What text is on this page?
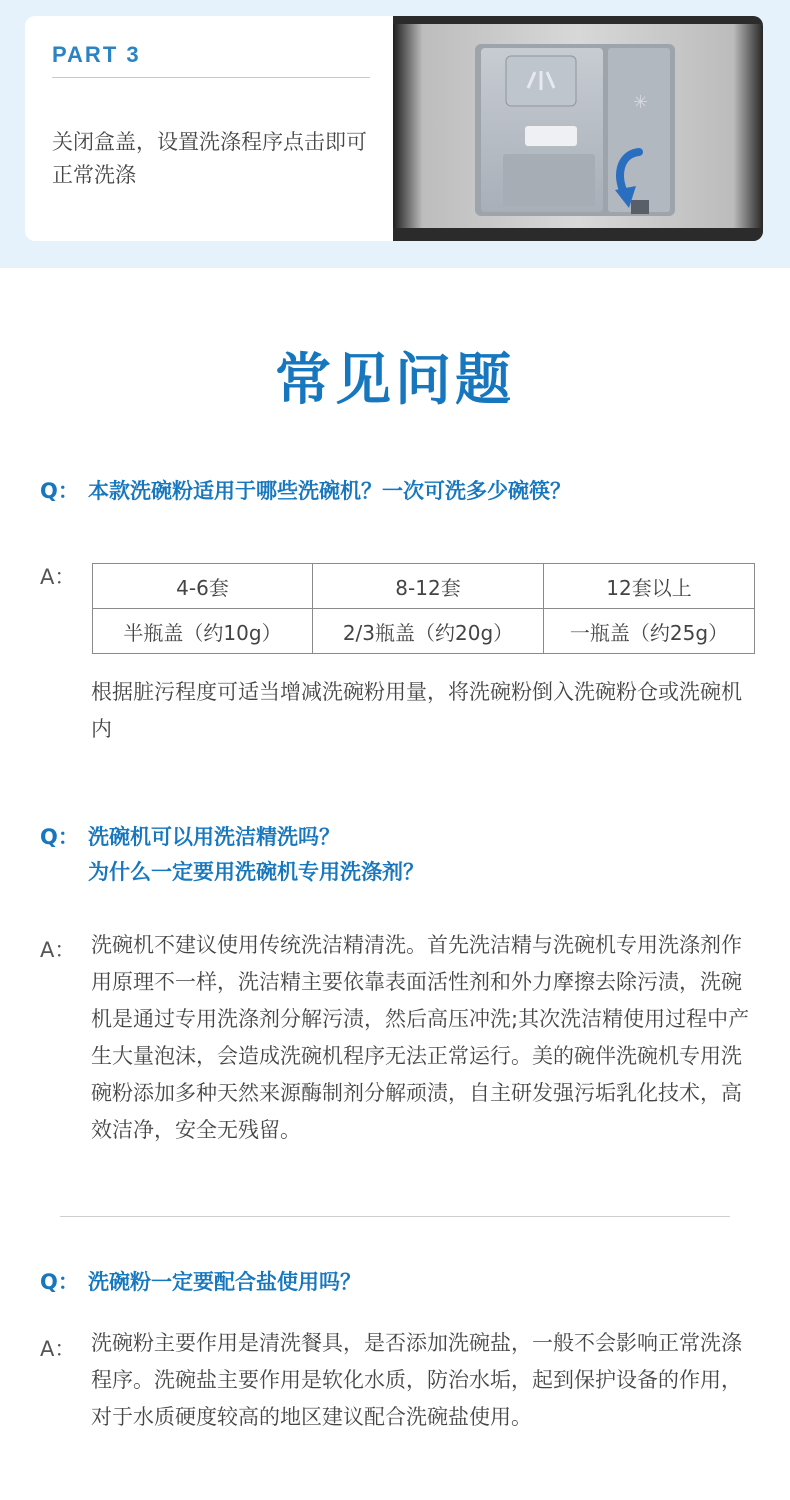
PART 3
关闭盒盖，设置洗涤程序点击即可正常洗涤
✳
常见问题
Q： 本款洗碗粉适用于哪些洗碗机？一次可洗多少碗筷？
A：	4-6套	8-12套	12套以上
半瓶盖（约10g）	2/3瓶盖（约20g）	一瓶盖（约25g）
根据脏污程度可适当增减洗碗粉用量，将洗碗粉倒入洗碗粉仓或洗碗机内
Q： 洗碗机可以用洗洁精洗吗？
为什么一定要用洗碗机专用洗涤剂？
A： 洗碗机不建议使用传统洗洁精清洗。首先洗洁精与洗碗机专用洗涤剂作用原理不一样，洗洁精主要依靠表面活性剂和外力摩擦去除污渍，洗碗机是通过专用洗涤剂分解污渍，然后高压冲洗;其次洗洁精使用过程中产生大量泡沫，会造成洗碗机程序无法正常运行。美的碗伴洗碗机专用洗碗粉添加多种天然来源酶制剂分解顽渍，自主研发强污垢乳化技术，高效洁净，安全无残留。
Q： 洗碗粉一定要配合盐使用吗？
A： 洗碗粉主要作用是清洗餐具，是否添加洗碗盐，一般不会影响正常洗涤程序。洗碗盐主要作用是软化水质，防治水垢，起到保护设备的作用，对于水质硬度较高的地区建议配合洗碗盐使用。
